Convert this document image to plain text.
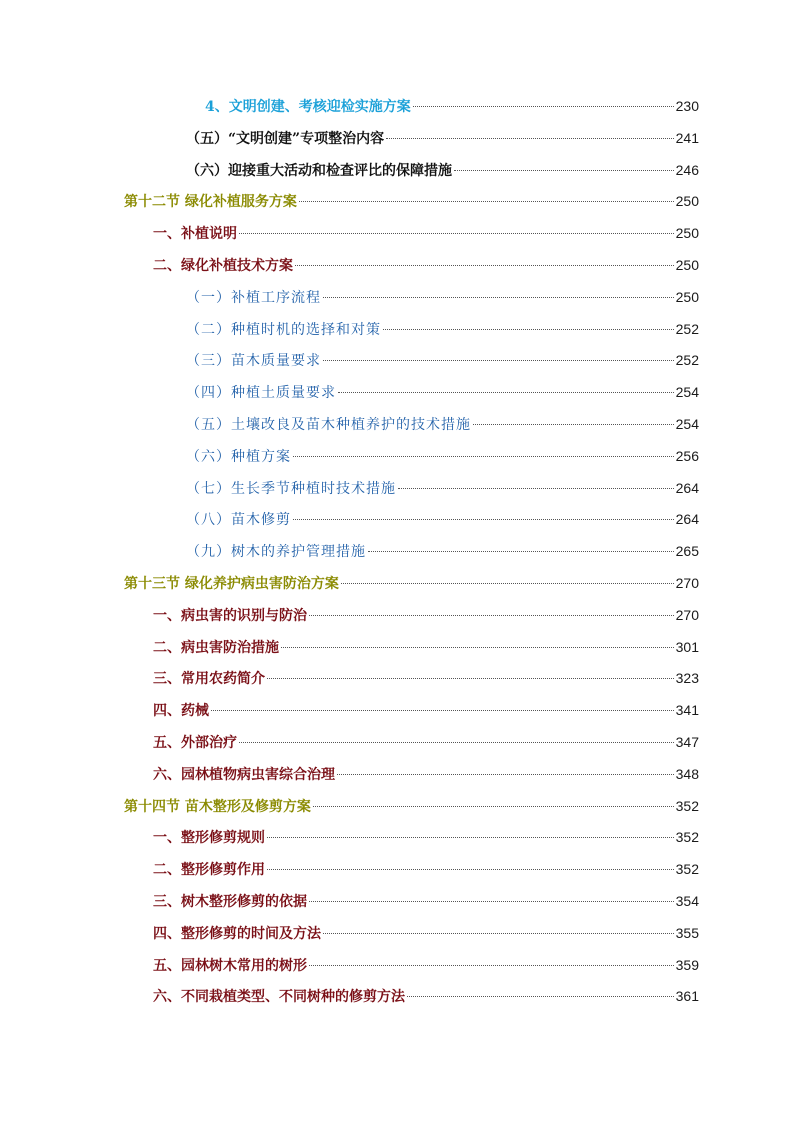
4、文明创建、考核迎检实施方案	230
（五）“文明创建”专项整治内容	241
（六）迎接重大活动和检查评比的保障措施	246
第十二节 绿化补植服务方案	250
一、补植说明	250
二、绿化补植技术方案	250
（一）补植工序流程	250
（二）种植时机的选择和对策	252
（三）苗木质量要求	252
（四）种植土质量要求	254
（五）土壤改良及苗木种植养护的技术措施	254
（六）种植方案	256
（七）生长季节种植时技术措施	264
（八）苗木修剪	264
（九）树木的养护管理措施	265
第十三节 绿化养护病虫害防治方案	270
一、病虫害的识别与防治	270
二、病虫害防治措施	301
三、常用农药简介	323
四、药械	341
五、外部治疗	347
六、园林植物病虫害综合治理	348
第十四节 苗木整形及修剪方案	352
一、整形修剪规则	352
二、整形修剪作用	352
三、树木整形修剪的依据	354
四、整形修剪的时间及方法	355
五、园林树木常用的树形	359
六、不同栽植类型、不同树种的修剪方法	361
